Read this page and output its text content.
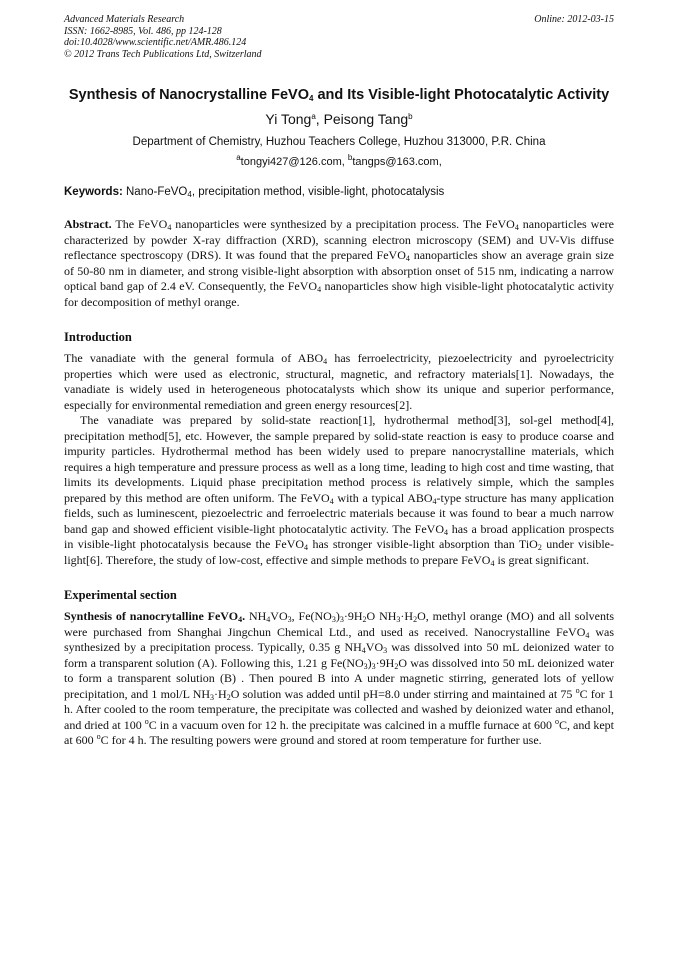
Advanced Materials Research
ISSN: 1662-8985, Vol. 486, pp 124-128
doi:10.4028/www.scientific.net/AMR.486.124
© 2012 Trans Tech Publications Ltd, Switzerland
Online: 2012-03-15
Synthesis of Nanocrystalline FeVO$_4$ and Its Visible-light Photocatalytic Activity
Yi Tong$^a$, Peisong Tang$^b$
Department of Chemistry, Huzhou Teachers College, Huzhou 313000, P.R. China
$^a$tongyi427@126.com, $^b$tangps@163.com,
Keywords: Nano-FeVO$_4$, precipitation method, visible-light, photocatalysis

Abstract. The FeVO$_4$ nanoparticles were synthesized by a precipitation process. The FeVO$_4$ nanoparticles were characterized by powder X-ray diffraction (XRD), scanning electron microscopy (SEM) and UV-Vis diffuse reflectance spectroscopy (DRS). It was found that the prepared FeVO$_4$ nanoparticles show an average grain size of 50-80 nm in diameter, and strong visible-light absorption with absorption onset of 515 nm, indicating a narrow optical band gap of 2.4 eV. Consequently, the FeVO$_4$ nanoparticles show high visible-light photocatalytic activity for decomposition of methyl orange.

Introduction

The vanadiate with the general formula of $ABO_4$ has ferroelectricity, piezoelectricity and pyroelectricity properties which were used as electronic, structural, magnetic, and refractory materials[1]. Nowadays, the vanadiate is widely used in heterogeneous photocatalysts which show its unique and superior performance, especially for environmental remediation and green energy resources[2].

The vanadiate was prepared by solid-state reaction[1], hydrothermal method[3], sol-gel method[4], precipitation method[5], etc. However, the sample prepared by solid-state reaction is easy to produce coarse and impurity particles. Hydrothermal method has been widely used to prepare nanocrystalline materials, which requires a high temperature and pressure process as well as a long time, leading to high cost and time wasting, that limits its developments. Liquid phase precipitation method process is relatively simple, which the samples prepared by this method are often uniform. The FeVO$_4$ with a typical $ABO_4$-type structure has many application fields, such as luminescent, piezoelectric and ferroelectric materials because it was found to bear a much narrow band gap and showed efficient visible-light photocatalytic activity. The FeVO$_4$ has a broad application prospects in visible-light photocatalysis because the FeVO$_4$ has stronger visible-light absorption than TiO$_2$ under visible-light[6]. Therefore, the study of low-cost, effective and simple methods to prepare FeVO$_4$ is great significant.

Experimental section

Synthesis of nanocrytalline FeVO$_4$. $NH_4VO_3$, $Fe(NO_3)_3\cdot 9H_2O$ $NH_3\cdot H_2O$, methyl orange (MO) and all solvents were purchased from Shanghai Jingchun Chemical Ltd., and used as received. Nanocrystalline FeVO$_4$ was synthesized by a precipitation process. Typically, 0.35 g $NH_4VO_3$ was dissolved into 50 mL deionized water to form a transparent solution (A). Following this, 1.21 g $Fe(NO_3)_3\cdot 9H_2O$ was dissolved into 50 mL deionized water to form a transparent solution (B) . Then poured B into A under magnetic stirring, generated lots of yellow precipitation, and 1 mol/L $NH_3\cdot H_2O$ solution was added until pH=8.0 under stirring and maintained at 75 $^o$C for 1 h. After cooled to the room temperature, the precipitate was collected and washed by deionized water and ethanol, and dried at 100 $^o$C in a vacuum oven for 12 h. the precipitate was calcined in a muffle furnace at 600 $^o$C, and kept at 600 $^o$C for 4 h. The resulting powers were ground and stored at room temperature for further use.
